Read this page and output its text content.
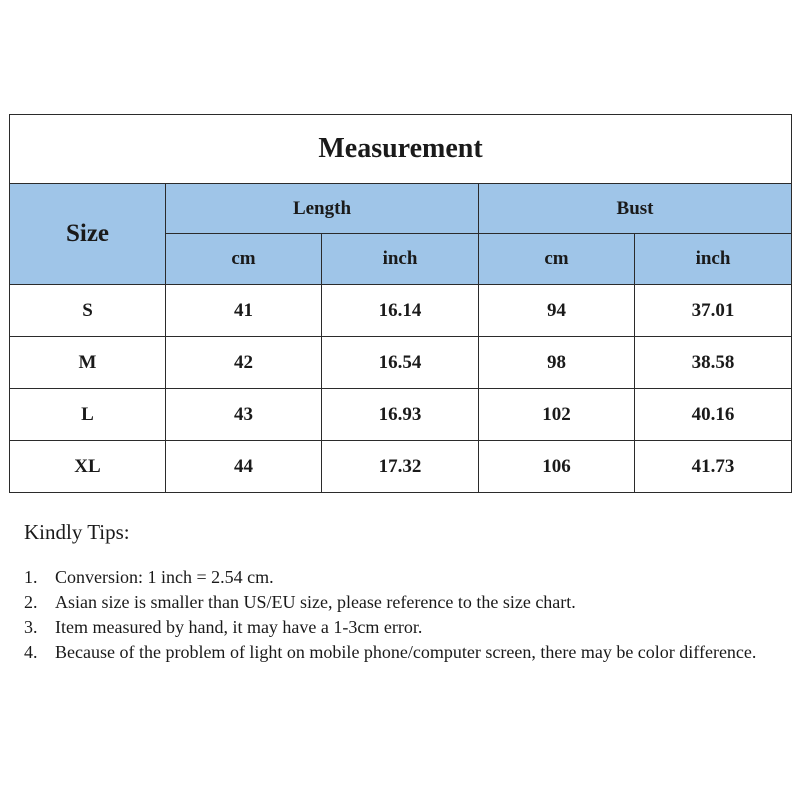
Measurement				
Size	Length		Bust	
	cm	inch	cm	inch
S	41	16.14	94	37.01
M	42	16.54	98	38.58
L	43	16.93	102	40.16
XL	44	17.32	106	41.73
Kindly Tips:
1. Conversion: 1 inch = 2.54 cm.
2. Asian size is smaller than US/EU size, please reference to the size chart.
3. Item measured by hand, it may have a 1-3cm error.
4. Because of the problem of light on mobile phone/computer screen, there may be color difference.
